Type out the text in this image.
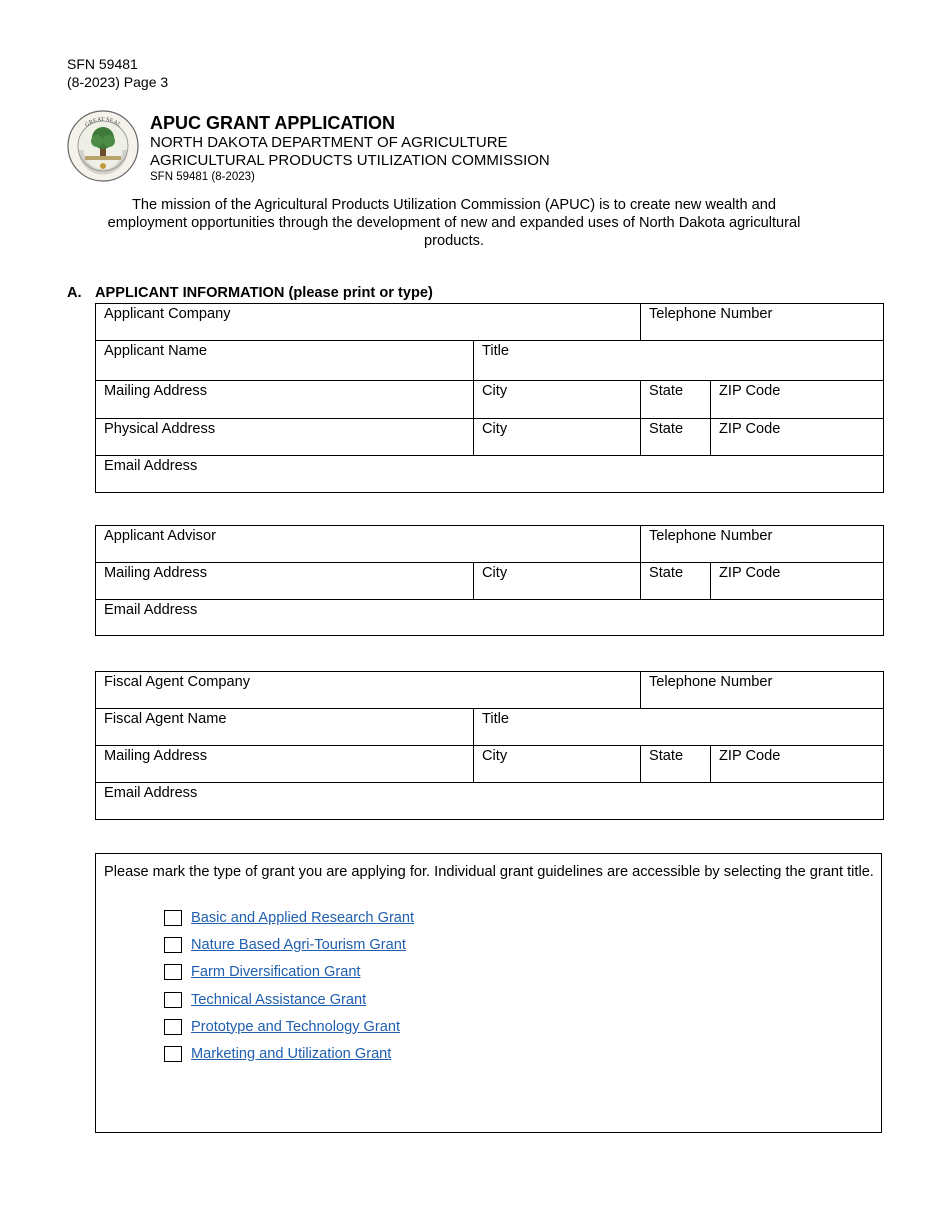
SFN 59481
(8-2023) Page 3
GREAT SEAL APUC GRANT APPLICATION
NORTH DAKOTA DEPARTMENT OF AGRICULTURE
AGRICULTURAL PRODUCTS UTILIZATION COMMISSION
SFN 59481 (8-2023)
The mission of the Agricultural Products Utilization Commission (APUC) is to create new wealth and employment opportunities through the development of new and expanded uses of North Dakota agricultural products.
A. APPLICANT INFORMATION (please print or type)
Applicant Company	Telephone Number
Applicant Name	Title
Mailing Address	City	State	ZIP Code
Physical Address	City	State	ZIP Code
Email Address
Applicant Advisor	Telephone Number
Mailing Address	City	State	ZIP Code
Email Address
Fiscal Agent Company	Telephone Number
Fiscal Agent Name	Title
Mailing Address	City	State	ZIP Code
Email Address
Please mark the type of grant you are applying for. Individual grant guidelines are accessible by selecting the grant title.
Basic and Applied Research Grant
Nature Based Agri-Tourism Grant
Farm Diversification Grant
Technical Assistance Grant
Prototype and Technology Grant
Marketing and Utilization Grant
